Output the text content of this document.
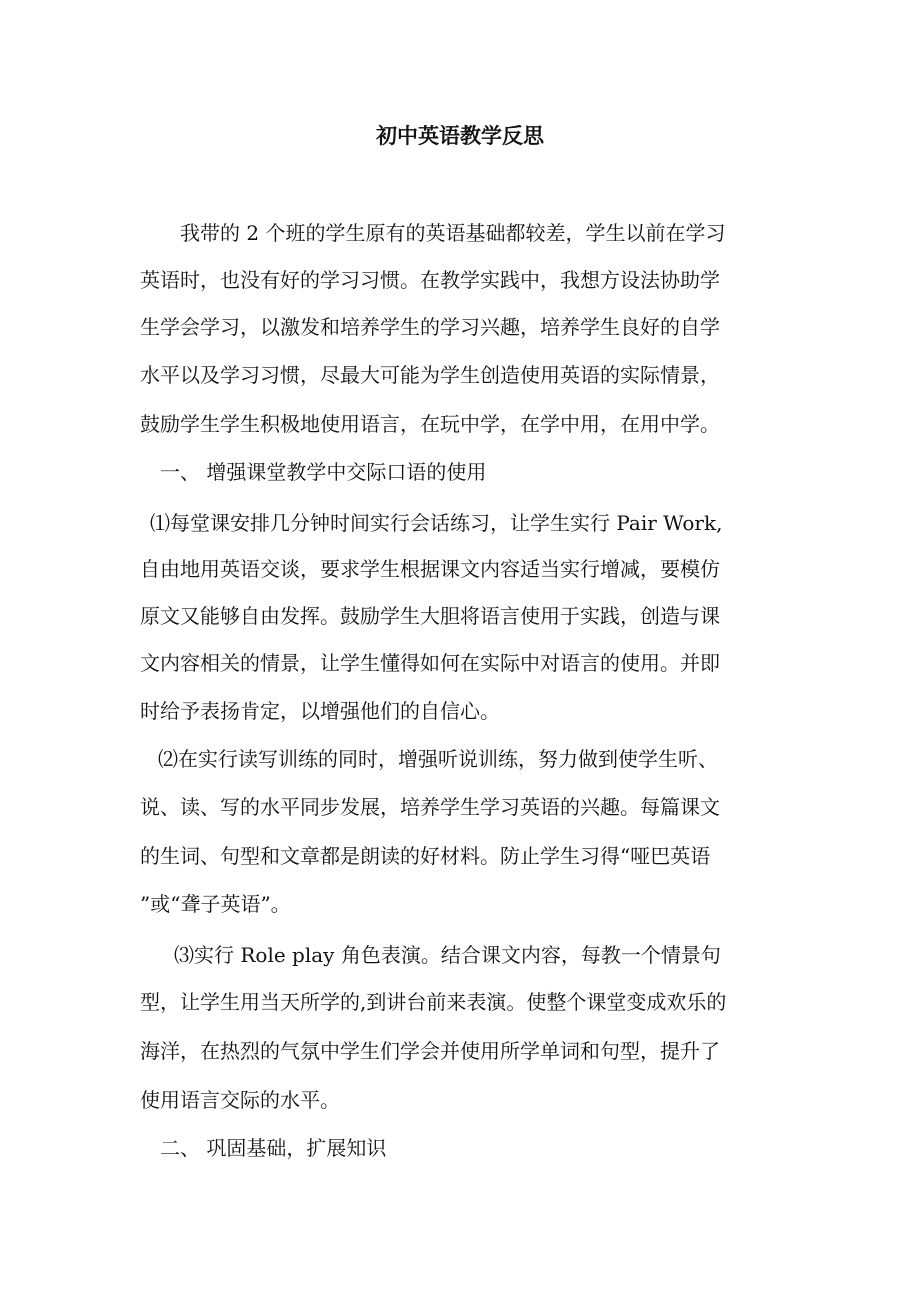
初中英语教学反思
我带的 2 个班的学生原有的英语基础都较差，学生以前在学习
英语时，也没有好的学习习惯。在教学实践中，我想方设法协助学
生学会学习，以激发和培养学生的学习兴趣，培养学生良好的自学
水平以及学习习惯，尽最大可能为学生创造使用英语的实际情景，
鼓励学生学生积极地使用语言，在玩中学，在学中用，在用中学。
一、 增强课堂教学中交际口语的使用
⑴每堂课安排几分钟时间实行会话练习，让学生实行 Pair Work,
自由地用英语交谈，要求学生根据课文内容适当实行增减，要模仿
原文又能够自由发挥。鼓励学生大胆将语言使用于实践，创造与课
文内容相关的情景，让学生懂得如何在实际中对语言的使用。并即
时给予表扬肯定，以增强他们的自信心。
⑵在实行读写训练的同时，增强听说训练，努力做到使学生听、
说、读、写的水平同步发展，培养学生学习英语的兴趣。每篇课文
的生词、句型和文章都是朗读的好材料。防止学生习得“哑巴英语
”或“聋子英语”。
⑶实行 Role play 角色表演。结合课文内容，每教一个情景句
型，让学生用当天所学的,到讲台前来表演。使整个课堂变成欢乐的
海洋，在热烈的气氛中学生们学会并使用所学单词和句型，提升了
使用语言交际的水平。
二、 巩固基础，扩展知识
